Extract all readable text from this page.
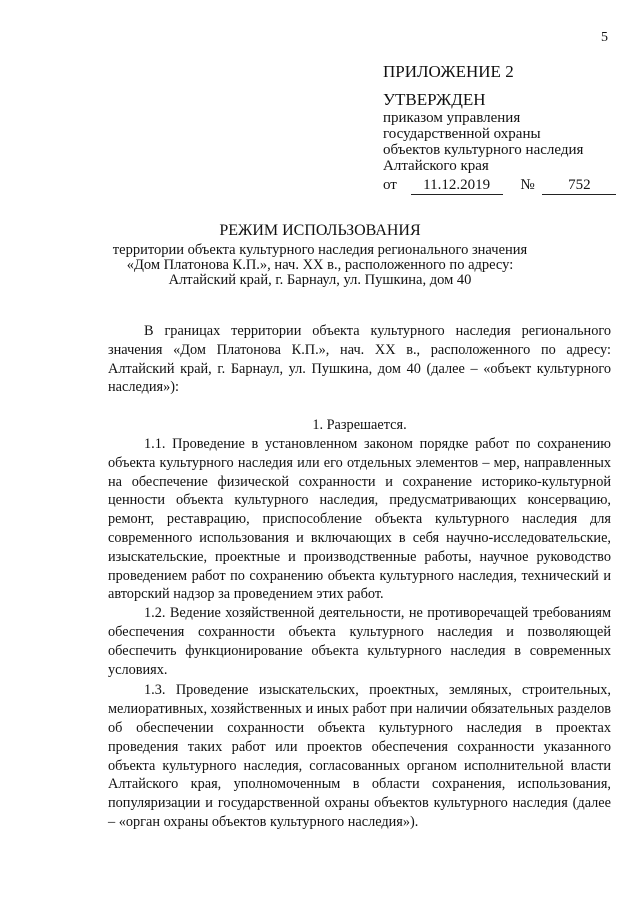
5
ПРИЛОЖЕНИЕ 2
УТВЕРЖДЕН
приказом управления
государственной охраны
объектов культурного наследия
Алтайского края
от 11.12.2019 № 752
РЕЖИМ ИСПОЛЬЗОВАНИЯ
территории объекта культурного наследия регионального значения
«Дом Платонова К.П.», нач. XX в., расположенного по адресу:
Алтайский край, г. Барнаул, ул. Пушкина, дом 40

В границах территории объекта культурного наследия регионального значения «Дом Платонова К.П.», нач. XX в., расположенного по адресу: Алтайский край, г. Барнаул, ул. Пушкина, дом 40 (далее – «объект культурного наследия»):

1. Разрешается.

1.1. Проведение в установленном законом порядке работ по сохранению объекта культурного наследия или его отдельных элементов – мер, направленных на обеспечение физической сохранности и сохранение историко-культурной ценности объекта культурного наследия, предусматривающих консервацию, ремонт, реставрацию, приспособление объекта культурного наследия для современного использования и включающих в себя научно-исследовательские, изыскательские, проектные и производственные работы, научное руководство проведением работ по сохранению объекта культурного наследия, технический и авторский надзор за проведением этих работ.

1.2. Ведение хозяйственной деятельности, не противоречащей требованиям обеспечения сохранности объекта культурного наследия и позволяющей обеспечить функционирование объекта культурного наследия в современных условиях.

1.3. Проведение изыскательских, проектных, земляных, строительных, мелиоративных, хозяйственных и иных работ при наличии обязательных разделов об обеспечении сохранности объекта культурного наследия в проектах проведения таких работ или проектов обеспечения сохранности указанного объекта культурного наследия, согласованных органом исполнительной власти Алтайского края, уполномоченным в области сохранения, использования, популяризации и государственной охраны объектов культурного наследия (далее – «орган охраны объектов культурного наследия»).
